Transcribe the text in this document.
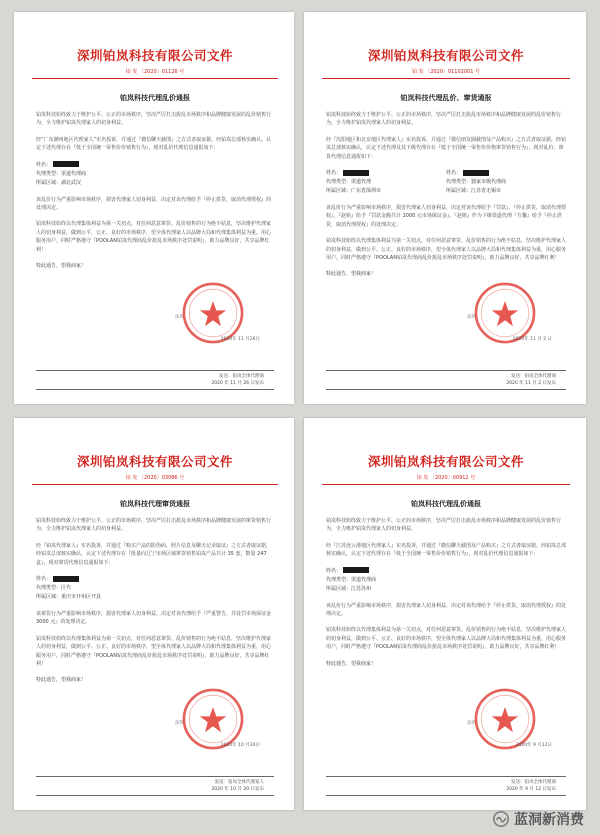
深圳铂岚科技有限公司文件
铂 发 〔2020〕01126 号
铂岚科技代理乱价通报
铂岚科技始终致力于维护公平、公正的市场秩序，坚决严厉打击扰乱市场秩序和品牌健康发展的乱价销售行为，全力维护铂岚代理家人的切身利益。
经“广东潮州地区代理家人”实名投诉，并通过『微信聊天截图』之方式者取证据，经铂岚总部核实确认，认定下述代理存在『低于全国统一零售价价销售行为』，现对乱价代理信息通报如下：
姓名：
代理类型：渠道代理商
所属区域：湖北武汉
该乱价行为严重影响市场秩序，损害代理家人切身利益，决定对该代理给予『停止供货，取消代理授权』的处理决定。
铂岚科技始终以代理集体利益为第一关切点，对任何恶意窜货、乱价销售的行为绝不姑息，坚决维护代理家人的切身利益，做到公平、公正、良好的市场秩序，望全体代理家人以品牌大局和代理集体利益为重，用心服务用户，同时严格遵守『POOLAN铂岚代理商乱价扰乱市场秩序处罚说明』，助力品牌良好，共享品牌红利！
特此通告，望我商家！
深圳
2020年 11 月26日
发送：铂岚全体代理商
2020 年 11 月 26 日发布
深圳铂岚科技有限公司文件
铂 发 〔2020〕01102001 号
铂岚科技代理乱价、窜货通报
铂岚科技始终致力于维护公平、公正的市场秩序，坚决严厉打击扰乱市场秩序和品牌健康发展的乱价销售行为，全力维护铂岚代理家人的切身利益。
经『沈阳地区和北京地区代理家人』实名投诉，并通过『微信朋友圈截图及产品购买』之方式者取证据，经铂岚总部核实确认，认定下述代理及其下级代理存在『低于全国统一零售价价格窜货销售行为』，现对乱价、窜货代理信息通报如下：
姓名：	姓名：
代理类型：渠道代理	代理类型：独家市级代理商
所属区域：广东省深圳市	所属区域：江苏省无锡市
该乱价行为严重影响市场秩序，损害代理家人切身利益，决定对该代理给予『罚款』、『停止供货，取消代理授权』。『赵铭』给予『罚款金额共计 2000 元市场保证金』、『赵铭』作为下级渠道代理『方馨』给予『停止供货，取消代理授权』的处理决定。
铂岚科技始终以代理集体利益为第一关切点，对任何恶意窜货、乱价销售的行为绝不姑息，坚决维护代理家人的切身利益，做到公平、公正、良好的市场秩序，望全体代理家人以品牌大局和代理集体利益为重，用心服务用户，同时严格遵守『POOLAN铂岚代理商乱价扰乱市场秩序处罚说明』，助力品牌良好，共享品牌红利！
特此通告，望我商家！
深圳
2020年 11 月 2 日
发送：铂岚全体代理商
2020 年 11 月 2 日发布
深圳铂岚科技有限公司文件
铂 发 〔2020〕03086 号
铂岚科技代理窜货通报
铂岚科技始终致力于维护公平、公正的市场秩序，坚决严厉打击扰乱市场秩序和品牌健康发展的窜货销售行为，全力维护铂岚代理家人的切身利益。
经『铂岚代理家人』实名投诉，并通过『购买产品的防伪码、照片信息及聊天记录取证』之方式者取证据，经铂岚总部核实确认，认定下述代理存在『批量向辽宁市场区域窜货销售铂岚产品共计 35 套，数量 247 盒』，现对窜货代理信息通报如下：
姓名：
代理类型：区代
所属区域：重庆市开州区开县
该窜货行为严重影响市场秩序，损害代理家人切身利益，决定对该代理给予『严重警告，并处罚市场保证金 3000 元』的处理决定。
铂岚科技始终以代理集体利益为第一关切点，对任何恶意窜货、乱价销售的行为绝不姑息，坚决维护代理家人的切身利益，做到公平、公正、良好的市场秩序，望全体代理家人以品牌大局和代理集体利益为重，用心服务用户，同时严格遵守『POOLAN铂岚代理商乱价扰乱市场秩序处罚说明』，助力品牌良好，共享品牌红利！
特此通告，望我商家！
深圳
2020年 10 月20日
发送：铂岚全体代理家人
2020 年 10 月 20 日发布
深圳铂岚科技有限公司文件
铂 发 〔2020〕00912 号
铂岚科技代理乱价通报
铂岚科技始终致力于维护公平、公正的市场秩序，坚决严厉打击扰乱市场秩序和品牌健康发展的乱价销售行为，全力维护铂岚代理家人的切身利益。
经『江苏连云港地区代理家人』实名投诉，并通过『微信聊天截图及产品购买』之方式者取证据，经铂岚总部核实确认，认定下述代理存在『低于全国统一零售价价销售行为』，现对乱价代理信息通报如下：
姓名：
代理类型：渠道代理商
所属区域：江苏苏州
该乱价行为严重影响市场秩序，损害代理家人切身利益，决定对该代理给予『停止供货，取消代理授权』的处理决定。
铂岚科技始终以代理集体利益为第一关切点，对任何恶意窜货、乱价销售的行为绝不姑息，坚决维护代理家人的切身利益，做到公平、公正、良好的市场秩序，望全体代理家人以品牌大局和代理集体利益为重，用心服务用户，同时严格遵守『POOLAN铂岚代理商乱价扰乱市场秩序处罚说明』，助力品牌良好，共享品牌红利！
特此通告，望我商家！
深圳
2020年 9 月12日
发送：铂岚全体代理商
2020 年 9 月 12 日发布
蓝洞新消费
